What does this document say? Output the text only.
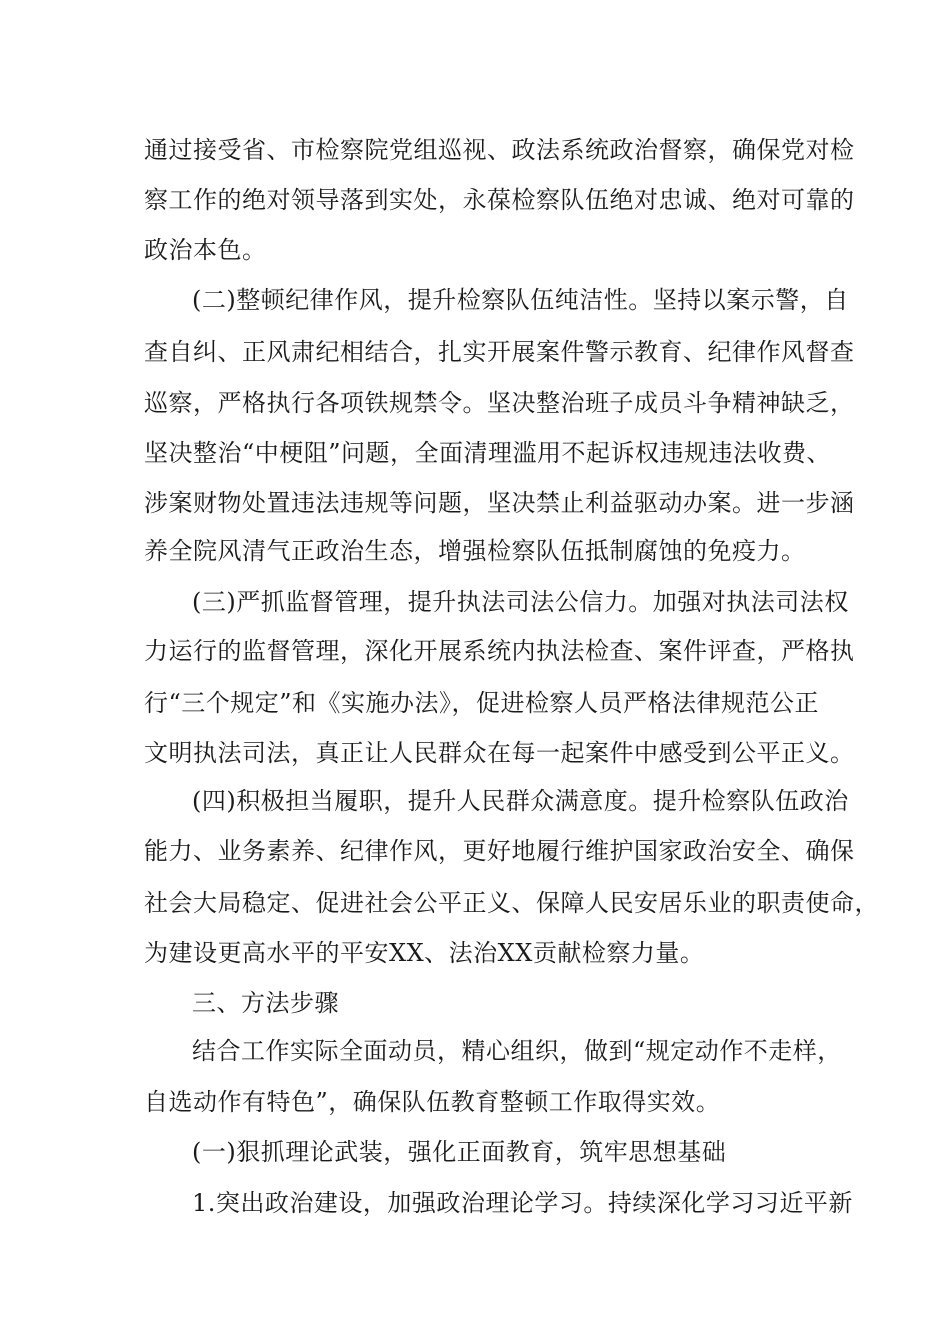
通过接受省、市检察院党组巡视、政法系统政治督察，确保党对检
察工作的绝对领导落到实处，永葆检察队伍绝对忠诚、绝对可靠的
政治本色。
(二)整顿纪律作风，提升检察队伍纯洁性。坚持以案示警，自
查自纠、正风肃纪相结合，扎实开展案件警示教育、纪律作风督查
巡察，严格执行各项铁规禁令。坚决整治班子成员斗争精神缺乏，
坚决整治“中梗阻”问题，全面清理滥用不起诉权违规违法收费、
涉案财物处置违法违规等问题，坚决禁止利益驱动办案。进一步涵
养全院风清气正政治生态，增强检察队伍抵制腐蚀的免疫力。
(三)严抓监督管理，提升执法司法公信力。加强对执法司法权
力运行的监督管理，深化开展系统内执法检查、案件评查，严格执
行“三个规定”和《实施办法》，促进检察人员严格法律规范公正
文明执法司法，真正让人民群众在每一起案件中感受到公平正义。
(四)积极担当履职，提升人民群众满意度。提升检察队伍政治
能力、业务素养、纪律作风，更好地履行维护国家政治安全、确保
社会大局稳定、促进社会公平正义、保障人民安居乐业的职责使命，
为建设更高水平的平安XX、法治XX贡献检察力量。
三、方法步骤
结合工作实际全面动员，精心组织，做到“规定动作不走样，
自选动作有特色”，确保队伍教育整顿工作取得实效。
(一)狠抓理论武装，强化正面教育，筑牢思想基础
1.突出政治建设，加强政治理论学习。持续深化学习习近平新
